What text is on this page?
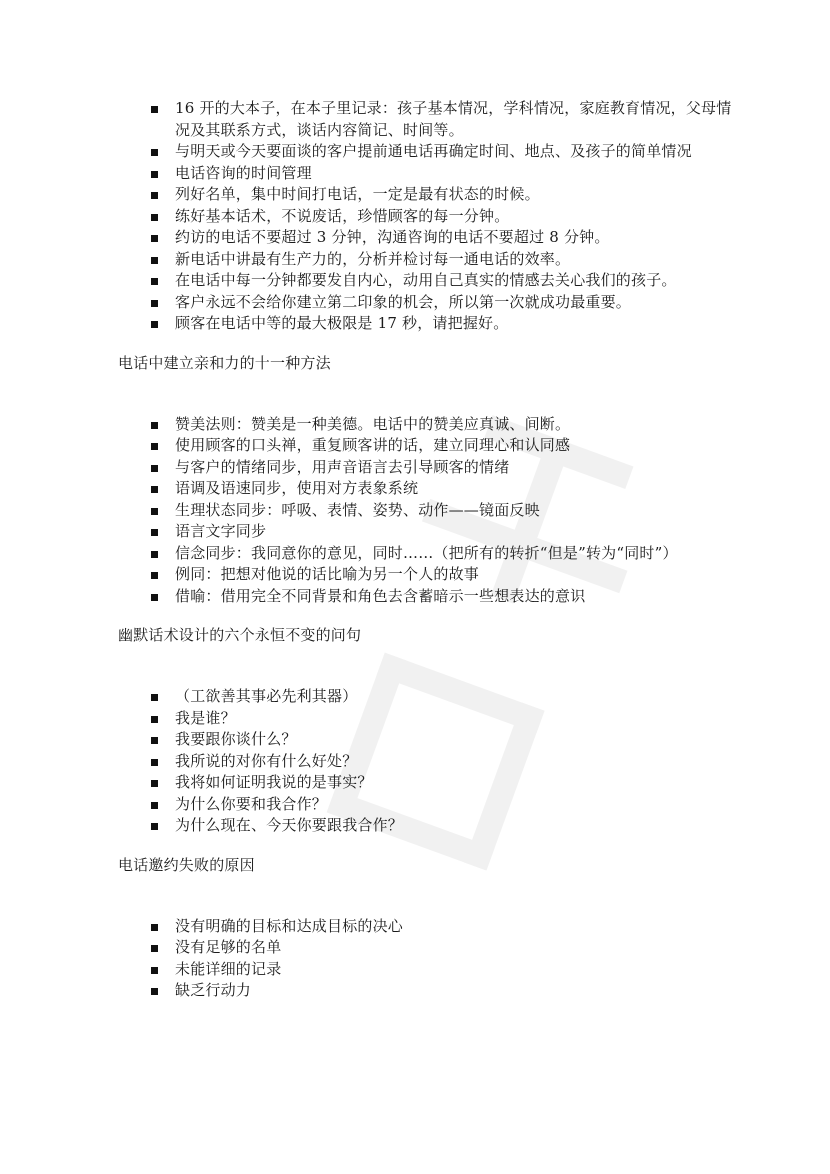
16 开的大本子，在本子里记录：孩子基本情况，学科情况，家庭教育情况，父母情况及其联系方式，谈话内容简记、时间等。
与明天或今天要面谈的客户提前通电话再确定时间、地点、及孩子的简单情况
电话咨询的时间管理
列好名单，集中时间打电话，一定是最有状态的时候。
练好基本话术，不说废话，珍惜顾客的每一分钟。
约访的电话不要超过 3 分钟，沟通咨询的电话不要超过 8 分钟。
新电话中讲最有生产力的，分析并检讨每一通电话的效率。
在电话中每一分钟都要发自内心，动用自己真实的情感去关心我们的孩子。
客户永远不会给你建立第二印象的机会，所以第一次就成功最重要。
顾客在电话中等的最大极限是 17 秒，请把握好。

电话中建立亲和力的十一种方法

赞美法则：赞美是一种美德。电话中的赞美应真诚、间断。
使用顾客的口头禅，重复顾客讲的话，建立同理心和认同感
与客户的情绪同步，用声音语言去引导顾客的情绪
语调及语速同步，使用对方表象系统
生理状态同步：呼吸、表情、姿势、动作——镜面反映
语言文字同步
信念同步：我同意你的意见，同时……（把所有的转折“但是”转为“同时”）
例同：把想对他说的话比喻为另一个人的故事
借喻：借用完全不同背景和角色去含蓄暗示一些想表达的意识

幽默话术设计的六个永恒不变的问句

（工欲善其事必先利其器）
我是谁？
我要跟你谈什么？
我所说的对你有什么好处？
我将如何证明我说的是事实？
为什么你要和我合作？
为什么现在、今天你要跟我合作？

电话邀约失败的原因

没有明确的目标和达成目标的决心
没有足够的名单
未能详细的记录
缺乏行动力
